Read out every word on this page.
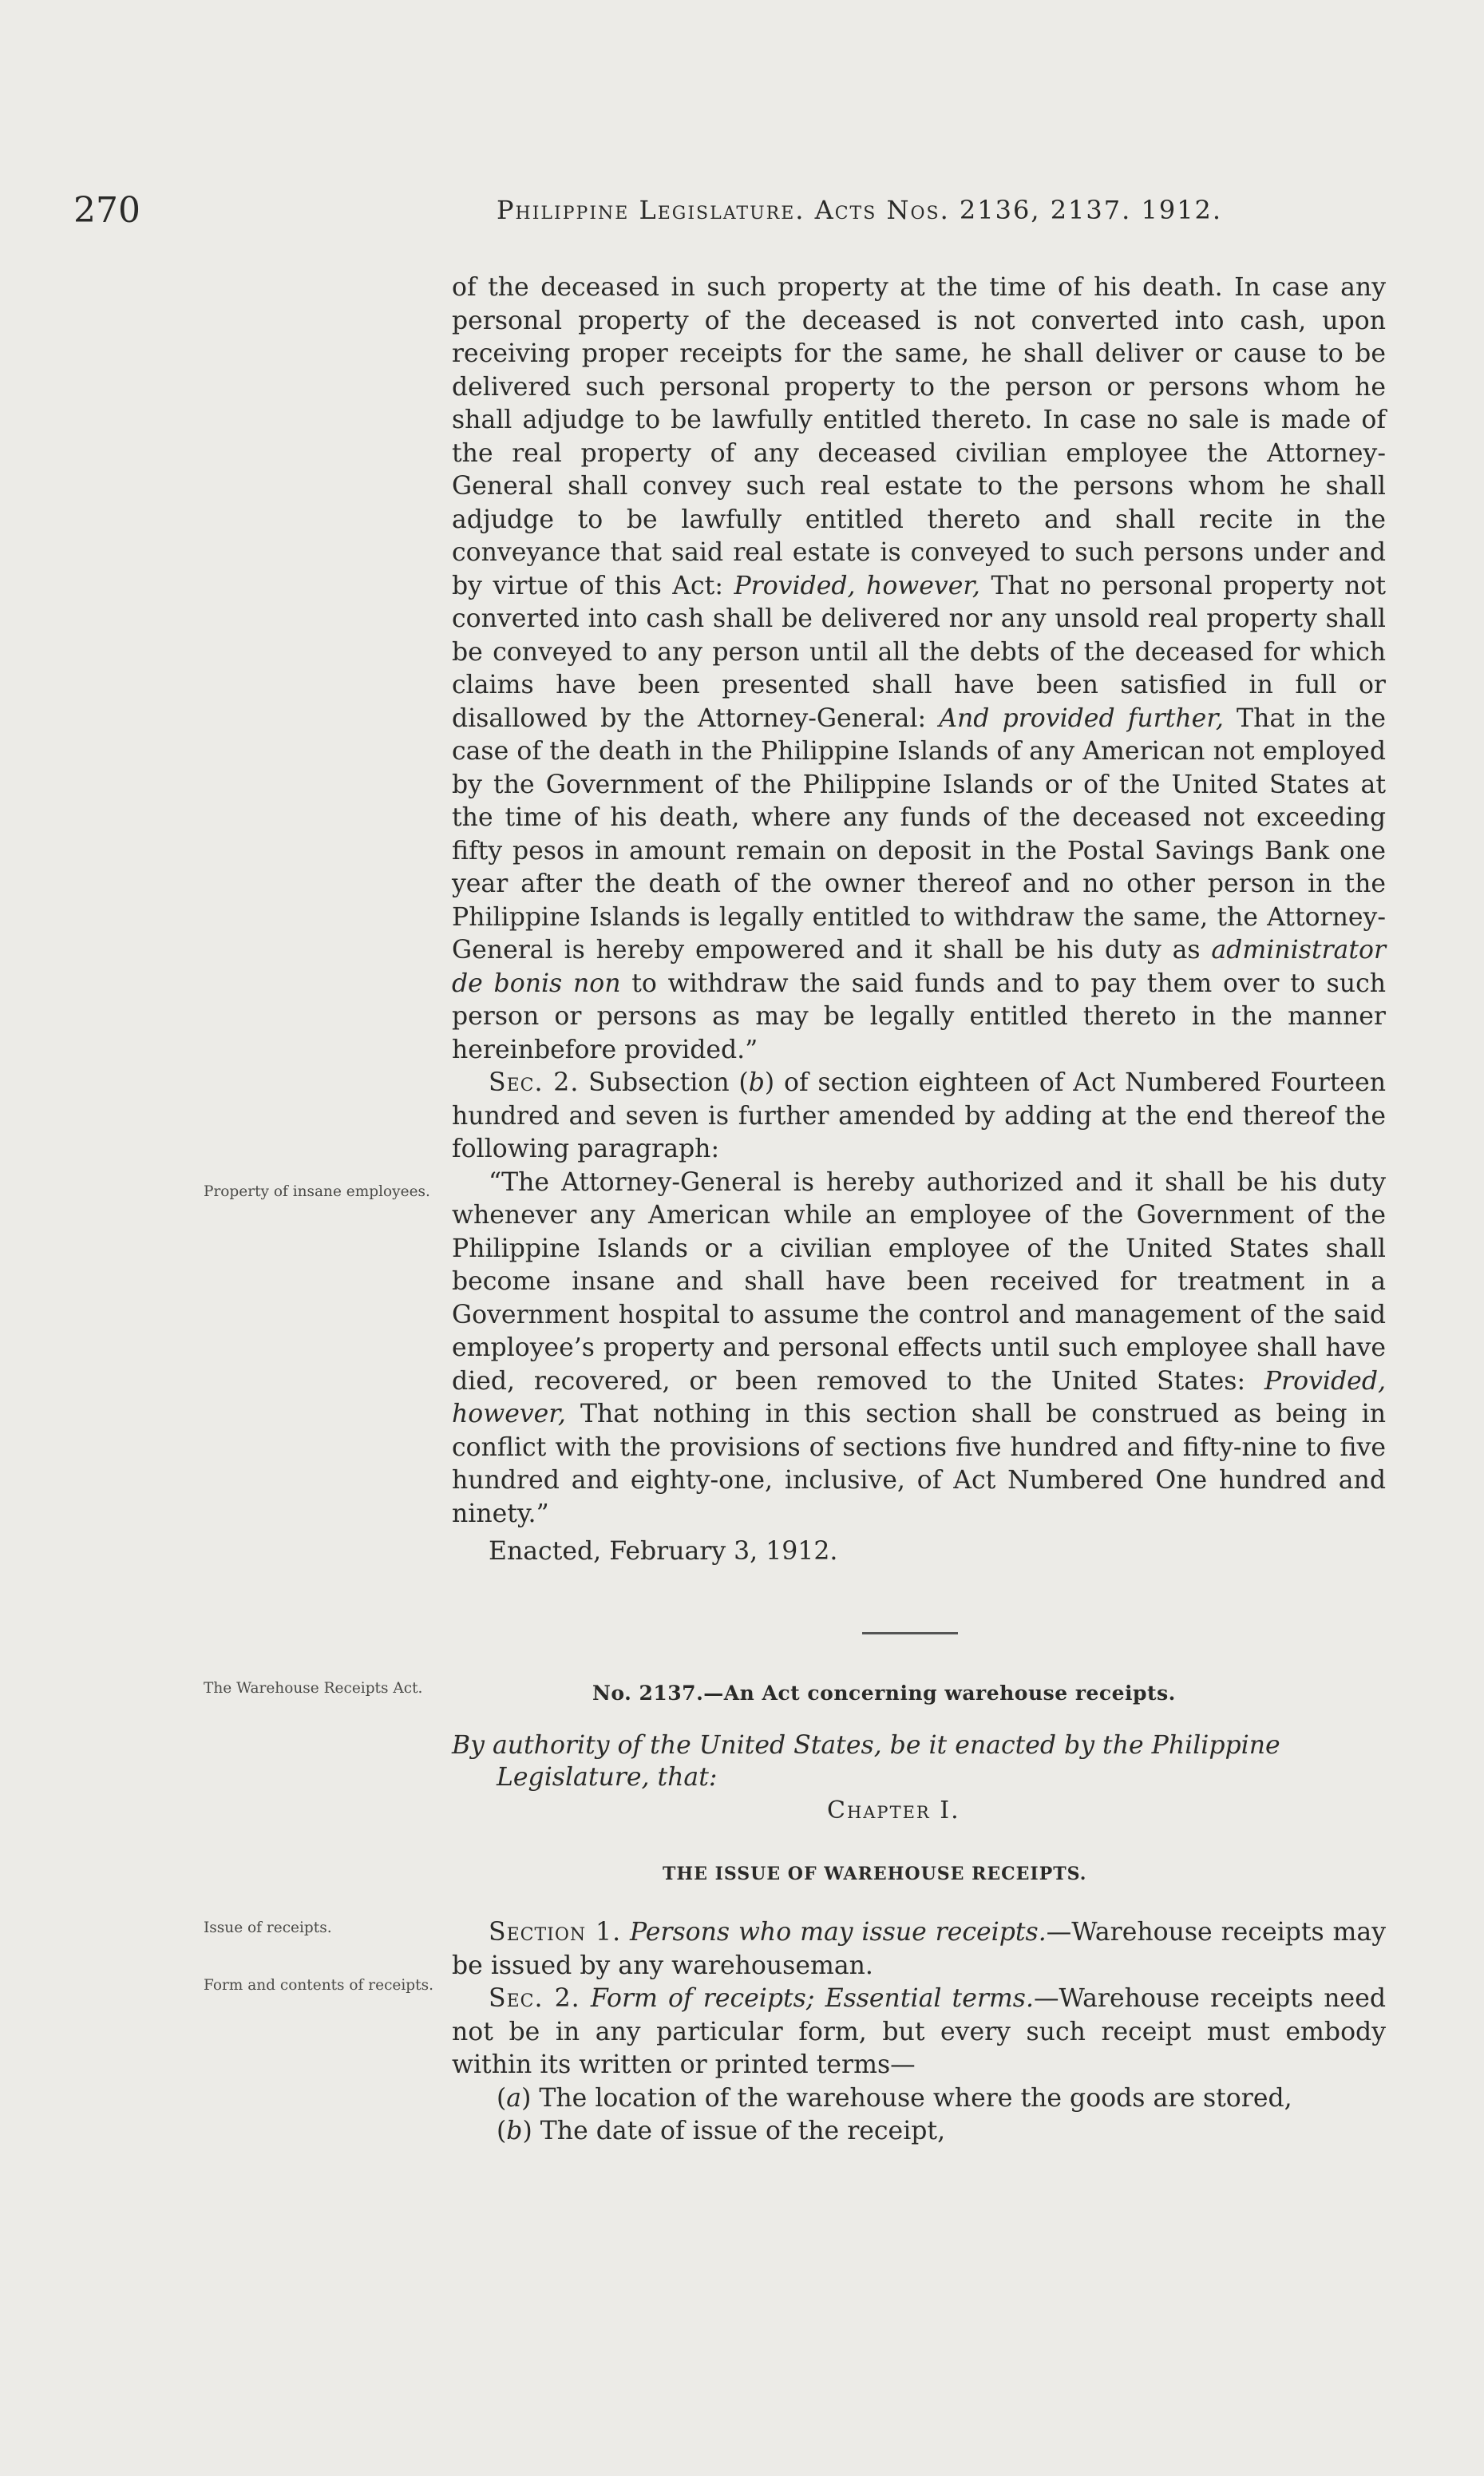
270	Philippine Legislature. Acts Nos. 2136, 2137. 1912.

of the deceased in such property at the time of his death. In case any personal property of the deceased is not converted into cash, upon receiving proper receipts for the same, he shall deliver or cause to be delivered such personal property to the person or persons whom he shall adjudge to be lawfully entitled thereto. In case no sale is made of the real property of any deceased civilian employee the Attorney-General shall convey such real estate to the persons whom he shall adjudge to be lawfully entitled thereto and shall recite in the conveyance that said real estate is conveyed to such persons under and by virtue of this Act: Provided, however, That no personal property not converted into cash shall be delivered nor any unsold real property shall be conveyed to any person until all the debts of the deceased for which claims have been presented shall have been satisfied in full or disallowed by the Attorney-General: And provided further, That in the case of the death in the Philippine Islands of any American not employed by the Government of the Philippine Islands or of the United States at the time of his death, where any funds of the deceased not exceeding fifty pesos in amount remain on deposit in the Postal Savings Bank one year after the death of the owner thereof and no other person in the Philippine Islands is legally entitled to withdraw the same, the Attorney-General is hereby empowered and it shall be his duty as administrator de bonis non to withdraw the said funds and to pay them over to such person or persons as may be legally entitled thereto in the manner hereinbefore provided.”

Sec. 2. Subsection (b) of section eighteen of Act Numbered Fourteen hundred and seven is further amended by adding at the end thereof the following paragraph:

“The Attorney-General is hereby authorized and it shall be his duty whenever any American while an employee of the Government of the Philippine Islands or a civilian employee of the United States shall become insane and shall have been received for treatment in a Government hospital to assume the control and management of the said employee’s property and personal effects until such employee shall have died, recovered, or been removed to the United States: Provided, however, That nothing in this section shall be construed as being in conflict with the provisions of sections five hundred and fifty-nine to five hundred and eighty-one, inclusive, of Act Numbered One hundred and ninety.”

Enacted, February 3, 1912.

Property of insane employees.
The Warehouse Receipts Act.
Issue of receipts.
Form and contents of receipts.
No. 2137.—An Act concerning warehouse receipts.
By authority of the United States, be it enacted by the Philippine
Legislature, that:
Chapter I.
THE ISSUE OF WAREHOUSE RECEIPTS.

Section 1. Persons who may issue receipts.—Warehouse receipts may be issued by any warehouseman.

Sec. 2. Form of receipts; Essential terms.—Warehouse receipts need not be in any particular form, but every such receipt must embody within its written or printed terms—

(a) The location of the warehouse where the goods are stored,

(b) The date of issue of the receipt,
